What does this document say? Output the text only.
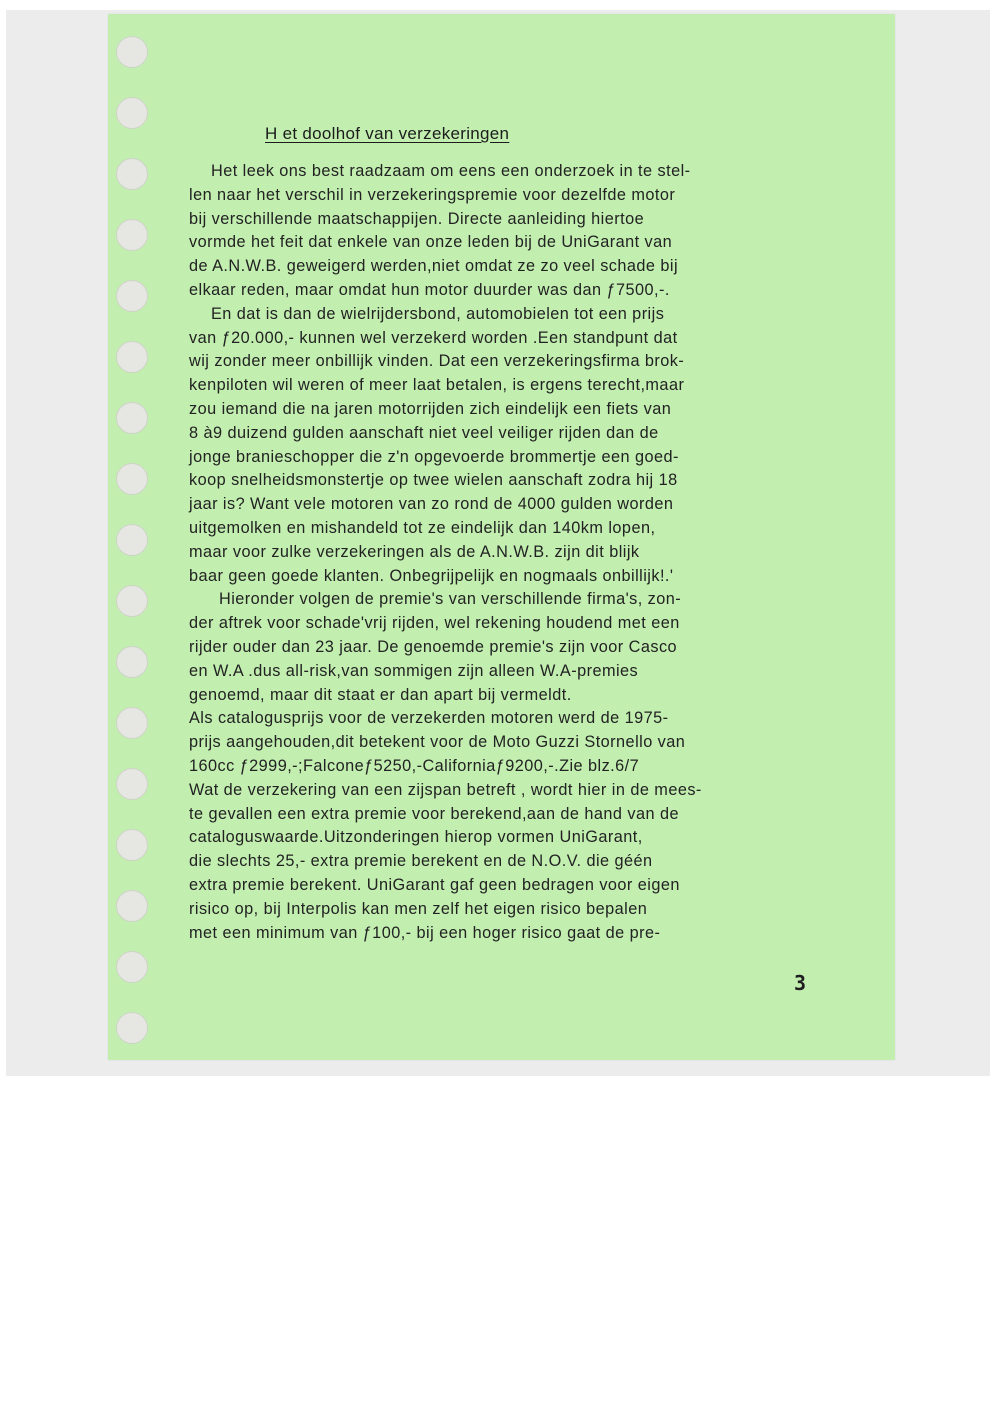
H et doolhof van verzekeringen
Het leek ons best raadzaam om eens een onderzoek in te stel-
len naar het verschil in verzekeringspremie voor dezelfde motor
bij verschillende maatschappijen. Directe aanleiding hiertoe
vormde het feit dat enkele van onze leden bij de UniGarant van
de A.N.W.B. geweigerd werden,niet omdat ze zo veel schade bij
elkaar reden, maar omdat hun motor duurder was dan ƒ7500,-.
En dat is dan de wielrijdersbond, automobielen tot een prijs
van ƒ20.000,- kunnen wel verzekerd worden .Een standpunt dat
wij zonder meer onbillijk vinden. Dat een verzekeringsfirma brok-
kenpiloten wil weren of meer laat betalen, is ergens terecht,maar
zou iemand die na jaren motorrijden zich eindelijk een fiets van
8 à9 duizend gulden aanschaft niet veel veiliger rijden dan de
jonge branieschopper die z'n opgevoerde brommertje een goed-
koop snelheidsmonstertje op twee wielen aanschaft zodra hij 18
jaar is? Want vele motoren van zo rond de 4000 gulden worden
uitgemolken en mishandeld tot ze eindelijk dan 140km lopen,
maar voor zulke verzekeringen als de A.N.W.B. zijn dit blijk
baar geen goede klanten. Onbegrijpelijk en nogmaals onbillijk!.'
Hieronder volgen de premie's van verschillende firma's, zon-
der aftrek voor schade'vrij rijden, wel rekening houdend met een
rijder ouder dan 23 jaar. De genoemde premie's zijn voor Casco
en W.A .dus all-risk,van sommigen zijn alleen W.A-premies
genoemd, maar dit staat er dan apart bij vermeldt.
Als catalogusprijs voor de verzekerden motoren werd de 1975-
prijs aangehouden,dit betekent voor de Moto Guzzi Stornello van
160cc ƒ2999,-;Falconeƒ5250,-Californiaƒ9200,-.Zie blz.6/7
Wat de verzekering van een zijspan betreft , wordt hier in de mees-
te gevallen een extra premie voor berekend,aan de hand van de
cataloguswaarde.Uitzonderingen hierop vormen UniGarant,
die slechts 25,- extra premie berekent en de N.O.V. die géén
extra premie berekent. UniGarant gaf geen bedragen voor eigen
risico op, bij Interpolis kan men zelf het eigen risico bepalen
met een minimum van ƒ100,- bij een hoger risico gaat de pre-
3
